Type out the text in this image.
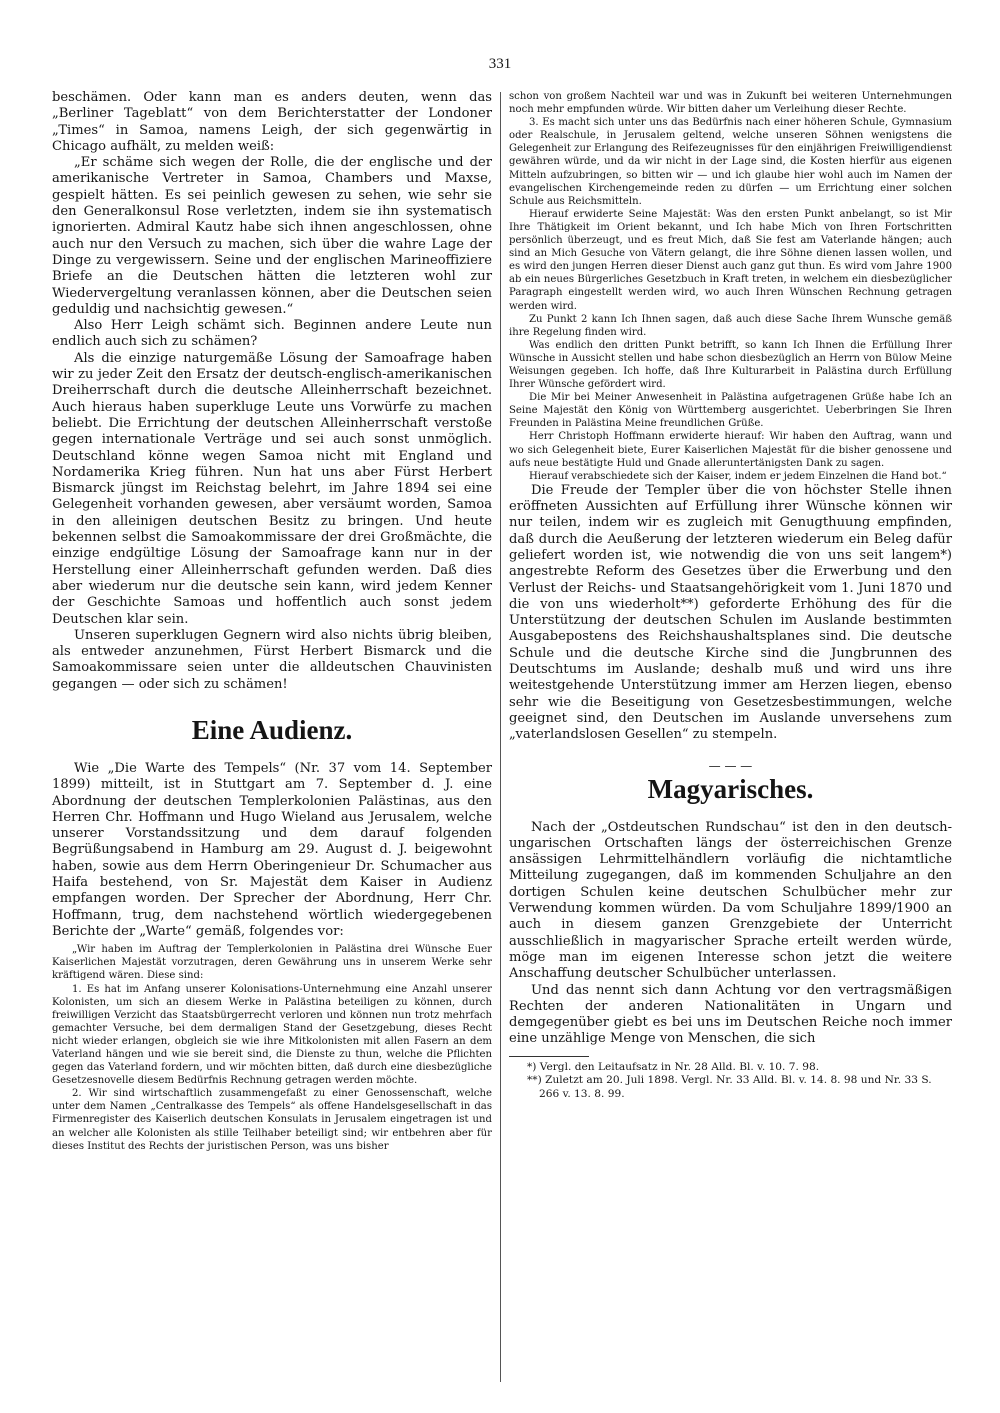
331

beschämen. Oder kann man es anders deuten, wenn das „Berliner Tageblatt“ von dem Berichterstatter der Londoner „Times“ in Samoa, namens Leigh, der sich gegenwärtig in Chicago aufhält, zu melden weiß:

„Er schäme sich wegen der Rolle, die der englische und der amerikanische Vertreter in Samoa, Chambers und Maxse, gespielt hätten. Es sei peinlich gewesen zu sehen, wie sehr sie den Generalkonsul Rose verletzten, indem sie ihn systematisch ignorierten. Admiral Kautz habe sich ihnen angeschlossen, ohne auch nur den Versuch zu machen, sich über die wahre Lage der Dinge zu vergewissern. Seine und der englischen Marineoffiziere Briefe an die Deutschen hätten die letzteren wohl zur Wiedervergeltung veranlassen können, aber die Deutschen seien geduldig und nachsichtig gewesen.“

Also Herr Leigh schämt sich. Beginnen andere Leute nun endlich auch sich zu schämen?

Als die einzige naturgemäße Lösung der Samoafrage haben wir zu jeder Zeit den Ersatz der deutsch-englisch-amerikanischen Dreiherrschaft durch die deutsche Alleinherrschaft bezeichnet. Auch hieraus haben superkluge Leute uns Vorwürfe zu machen beliebt. Die Errichtung der deutschen Alleinherrschaft verstoße gegen internationale Verträge und sei auch sonst unmöglich. Deutschland könne wegen Samoa nicht mit England und Nordamerika Krieg führen. Nun hat uns aber Fürst Herbert Bismarck jüngst im Reichstag belehrt, im Jahre 1894 sei eine Gelegenheit vorhanden gewesen, aber versäumt worden, Samoa in den alleinigen deutschen Besitz zu bringen. Und heute bekennen selbst die Samoakommissare der drei Großmächte, die einzige endgültige Lösung der Samoafrage kann nur in der Herstellung einer Alleinherrschaft gefunden werden. Daß dies aber wiederum nur die deutsche sein kann, wird jedem Kenner der Geschichte Samoas und hoffentlich auch sonst jedem Deutschen klar sein.

Unseren superklugen Gegnern wird also nichts übrig bleiben, als entweder anzunehmen, Fürst Herbert Bismarck und die Samoakommissare seien unter die alldeutschen Chauvinisten gegangen — oder sich zu schämen!

Eine Audienz.

Wie „Die Warte des Tempels“ (Nr. 37 vom 14. September 1899) mitteilt, ist in Stuttgart am 7. September d. J. eine Abordnung der deutschen Templerkolonien Palästinas, aus den Herren Chr. Hoffmann und Hugo Wieland aus Jerusalem, welche unserer Vorstandssitzung und dem darauf folgenden Begrüßungsabend in Hamburg am 29. August d. J. beigewohnt haben, sowie aus dem Herrn Oberingenieur Dr. Schumacher aus Haifa bestehend, von Sr. Majestät dem Kaiser in Audienz empfangen worden. Der Sprecher der Abordnung, Herr Chr. Hoffmann, trug, dem nachstehend wörtlich wiedergegebenen Berichte der „Warte“ gemäß, folgendes vor:

„Wir haben im Auftrag der Templerkolonien in Palästina drei Wünsche Euer Kaiserlichen Majestät vorzutragen, deren Gewährung uns in unserem Werke sehr kräftigend wären. Diese sind:

1. Es hat im Anfang unserer Kolonisations-Unternehmung eine Anzahl unserer Kolonisten, um sich an diesem Werke in Palästina beteiligen zu können, durch freiwilligen Verzicht das Staatsbürgerrecht verloren und können nun trotz mehrfach gemachter Versuche, bei dem dermaligen Stand der Gesetzgebung, dieses Recht nicht wieder erlangen, obgleich sie wie ihre Mitkolonisten mit allen Fasern an dem Vaterland hängen und wie sie bereit sind, die Dienste zu thun, welche die Pflichten gegen das Vaterland fordern, und wir möchten bitten, daß durch eine diesbezügliche Gesetzesnovelle diesem Bedürfnis Rechnung getragen werden möchte.

2. Wir sind wirtschaftlich zusammengefaßt zu einer Genossenschaft, welche unter dem Namen „Centralkasse des Tempels“ als offene Handelsgesellschaft in das Firmenregister des Kaiserlich deutschen Konsulats in Jerusalem eingetragen ist und an welcher alle Kolonisten als stille Teilhaber beteiligt sind; wir entbehren aber für dieses Institut des Rechts der juristischen Person, was uns bisher

schon von großem Nachteil war und was in Zukunft bei weiteren Unternehmungen noch mehr empfunden würde. Wir bitten daher um Verleihung dieser Rechte.

3. Es macht sich unter uns das Bedürfnis nach einer höheren Schule, Gymnasium oder Realschule, in Jerusalem geltend, welche unseren Söhnen wenigstens die Gelegenheit zur Erlangung des Reifezeugnisses für den einjährigen Freiwilligendienst gewähren würde, und da wir nicht in der Lage sind, die Kosten hierfür aus eigenen Mitteln aufzubringen, so bitten wir — und ich glaube hier wohl auch im Namen der evangelischen Kirchengemeinde reden zu dürfen — um Errichtung einer solchen Schule aus Reichsmitteln.

Hierauf erwiderte Seine Majestät: Was den ersten Punkt anbelangt, so ist Mir Ihre Thätigkeit im Orient bekannt, und Ich habe Mich von Ihren Fortschritten persönlich überzeugt, und es freut Mich, daß Sie fest am Vaterlande hängen; auch sind an Mich Gesuche von Vätern gelangt, die ihre Söhne dienen lassen wollen, und es wird den jungen Herren dieser Dienst auch ganz gut thun. Es wird vom Jahre 1900 ab ein neues Bürgerliches Gesetzbuch in Kraft treten, in welchem ein diesbezüglicher Paragraph eingestellt werden wird, wo auch Ihren Wünschen Rechnung getragen werden wird.

Zu Punkt 2 kann Ich Ihnen sagen, daß auch diese Sache Ihrem Wunsche gemäß ihre Regelung finden wird.

Was endlich den dritten Punkt betrifft, so kann Ich Ihnen die Erfüllung Ihrer Wünsche in Aussicht stellen und habe schon diesbezüglich an Herrn von Bülow Meine Weisungen gegeben. Ich hoffe, daß Ihre Kulturarbeit in Palästina durch Erfüllung Ihrer Wünsche gefördert wird.

Die Mir bei Meiner Anwesenheit in Palästina aufgetragenen Grüße habe Ich an Seine Majestät den König von Württemberg ausgerichtet. Ueberbringen Sie Ihren Freunden in Palästina Meine freundlichen Grüße.

Herr Christoph Hoffmann erwiderte hierauf: Wir haben den Auftrag, wann und wo sich Gelegenheit biete, Eurer Kaiserlichen Majestät für die bisher genossene und aufs neue bestätigte Huld und Gnade alleruntertänigsten Dank zu sagen.

Hierauf verabschiedete sich der Kaiser, indem er jedem Einzelnen die Hand bot.“

Die Freude der Templer über die von höchster Stelle ihnen eröffneten Aussichten auf Erfüllung ihrer Wünsche können wir nur teilen, indem wir es zugleich mit Genugthuung empfinden, daß durch die Aeußerung der letzteren wiederum ein Beleg dafür geliefert worden ist, wie notwendig die von uns seit langem*) angestrebte Reform des Gesetzes über die Erwerbung und den Verlust der Reichs- und Staatsangehörigkeit vom 1. Juni 1870 und die von uns wiederholt**) geforderte Erhöhung des für die Unterstützung der deutschen Schulen im Auslande bestimmten Ausgabepostens des Reichshaushaltsplanes sind. Die deutsche Schule und die deutsche Kirche sind die Jungbrunnen des Deutschtums im Auslande; deshalb muß und wird uns ihre weitestgehende Unterstützung immer am Herzen liegen, ebenso sehr wie die Beseitigung von Gesetzesbestimmungen, welche geeignet sind, den Deutschen im Auslande unversehens zum „vaterlandslosen Gesellen“ zu stempeln.

— — —

Magyarisches.

Nach der „Ostdeutschen Rundschau“ ist den in den deutsch-ungarischen Ortschaften längs der österreichischen Grenze ansässigen Lehrmittelhändlern vorläufig die nichtamtliche Mitteilung zugegangen, daß im kommenden Schuljahre an den dortigen Schulen keine deutschen Schulbücher mehr zur Verwendung kommen würden. Da vom Schuljahre 1899/1900 an auch in diesem ganzen Grenzgebiete der Unterricht ausschließlich in magyarischer Sprache erteilt werden würde, möge man im eigenen Interesse schon jetzt die weitere Anschaffung deutscher Schulbücher unterlassen.

Und das nennt sich dann Achtung vor den vertragsmäßigen Rechten der anderen Nationalitäten in Ungarn und demgegenüber giebt es bei uns im Deutschen Reiche noch immer eine unzählige Menge von Menschen, die sich

*) Vergl. den Leitaufsatz in Nr. 28 Alld. Bl. v. 10. 7. 98.

**) Zuletzt am 20. Juli 1898. Vergl. Nr. 33 Alld. Bl. v. 14. 8. 98 und Nr. 33 S. 266 v. 13. 8. 99.
